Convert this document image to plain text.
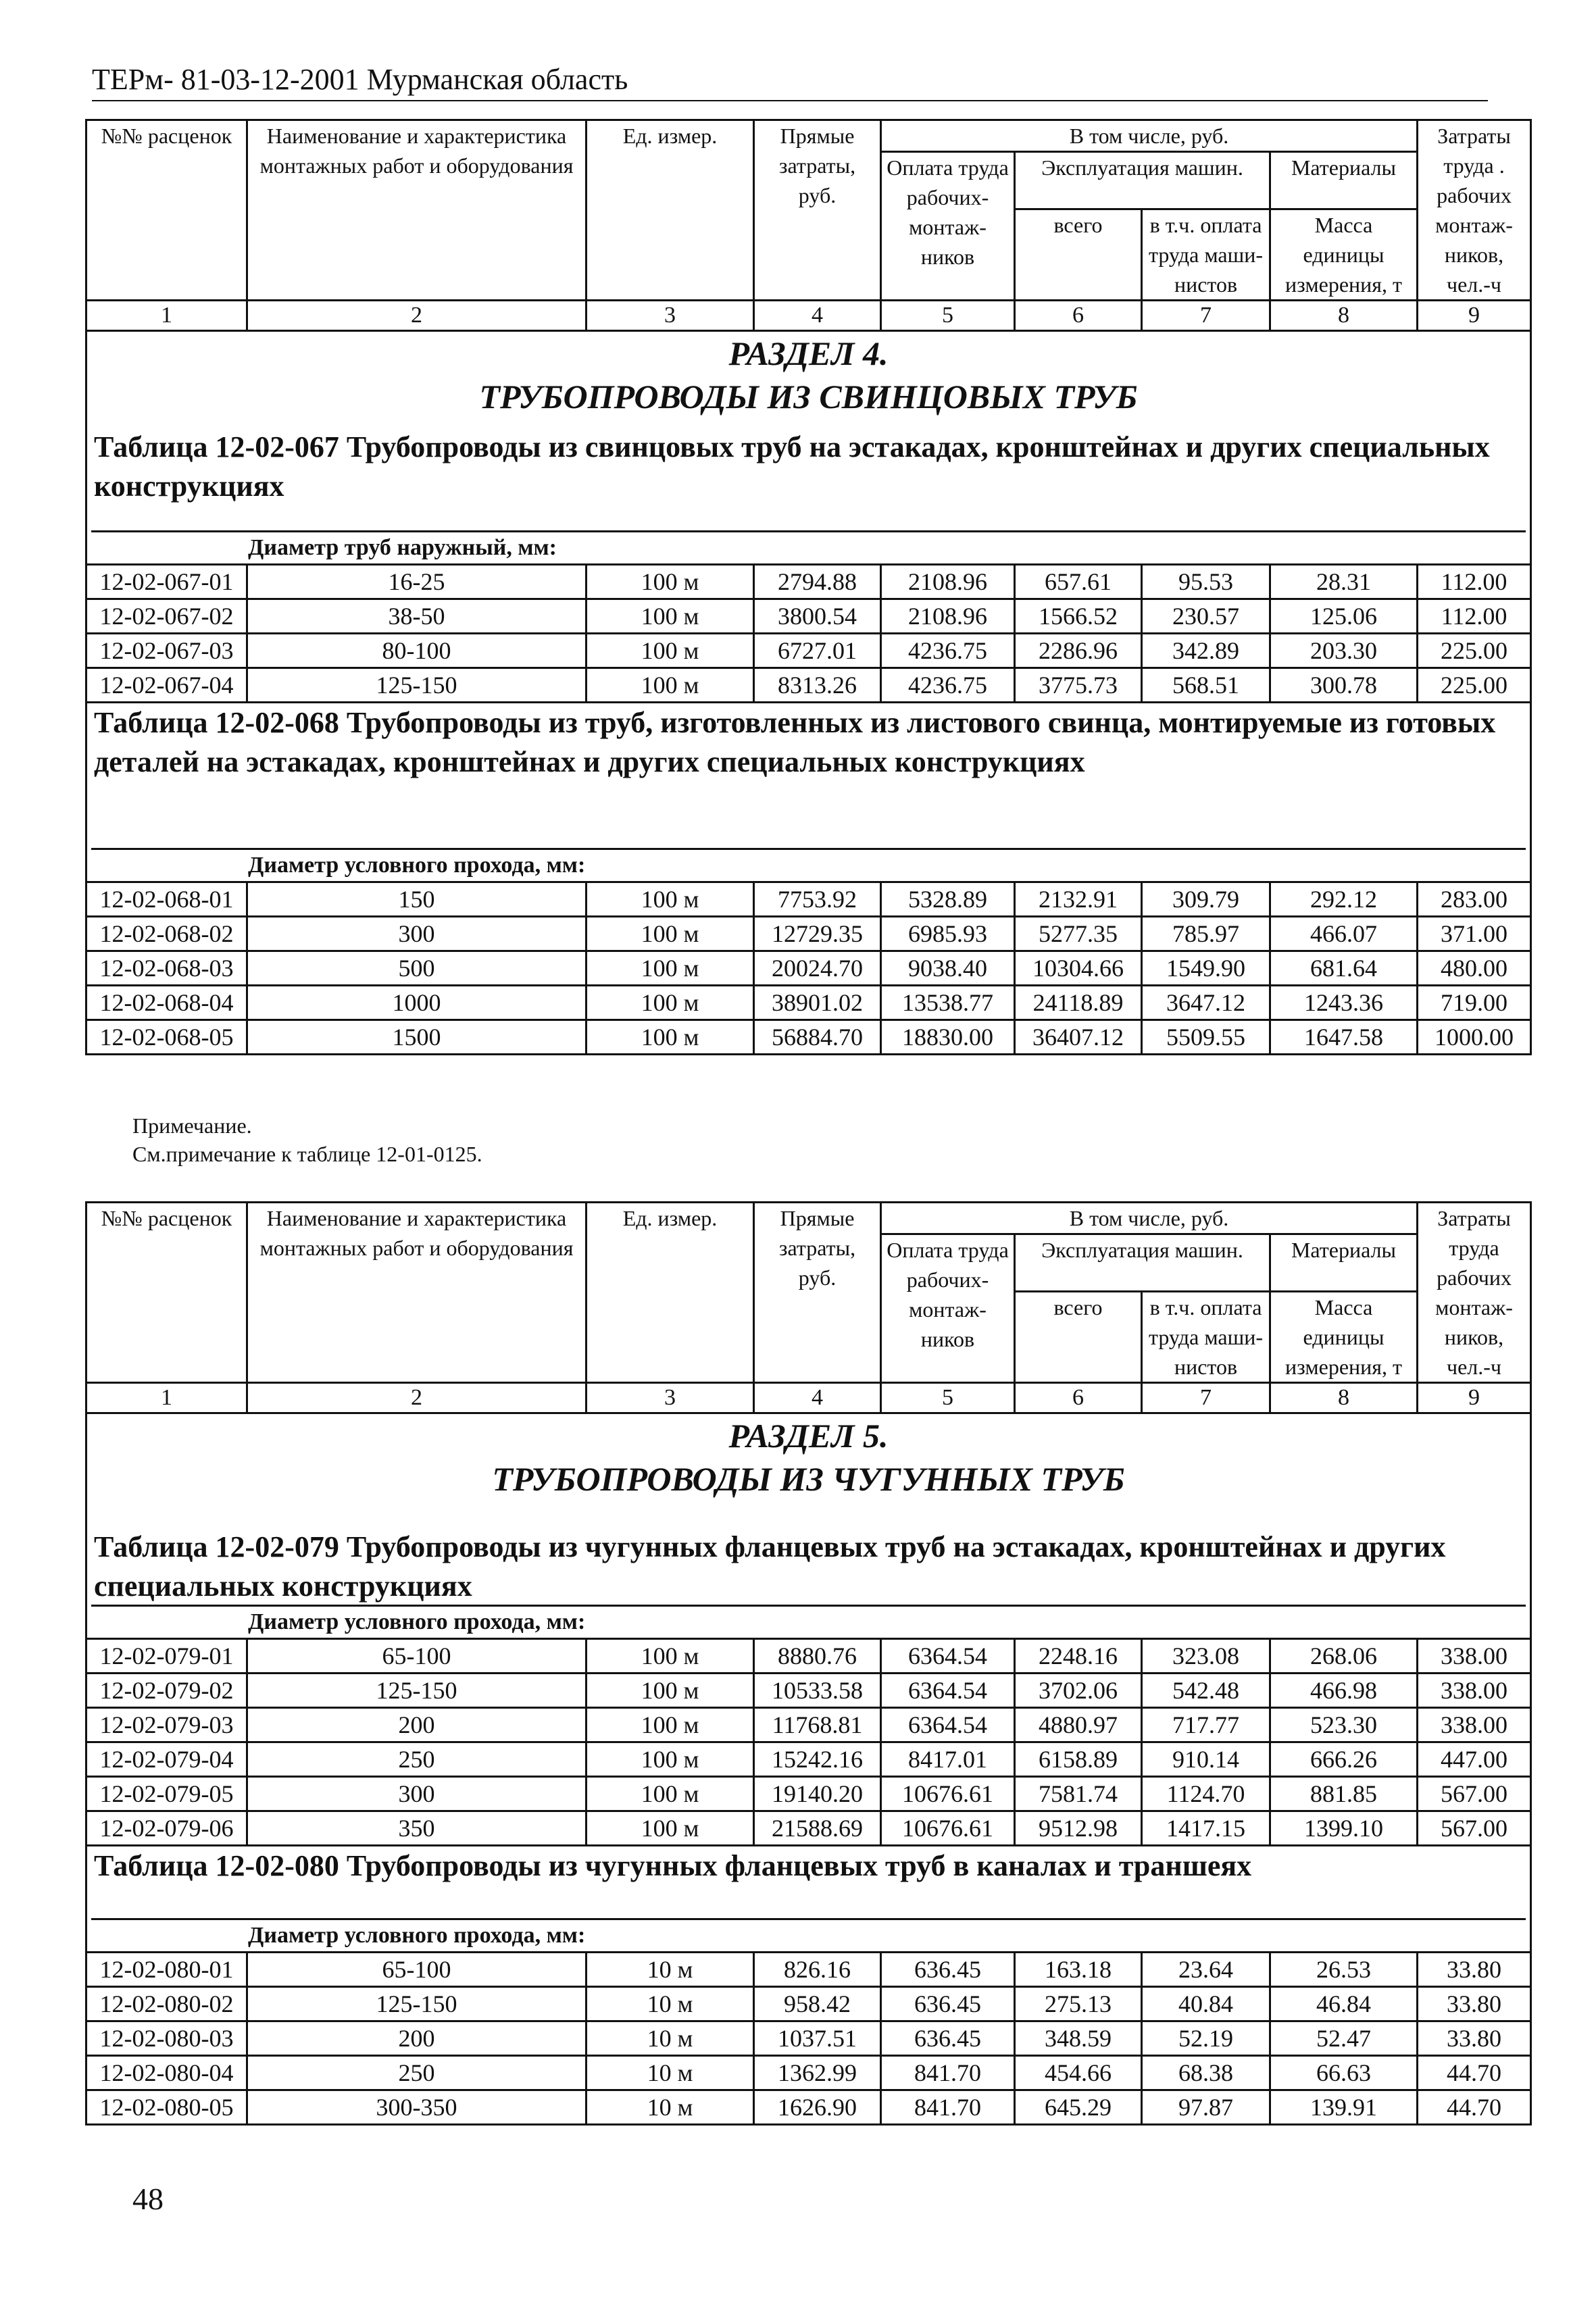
ТЕРм- 81-03-12-2001 Мурманская область
№№ расценок	Наименование и характеристика монтажных работ и оборудования	Ед. измер.	Прямые затраты, руб.	В том числе, руб.				Затраты труда . рабочих монтаж-ников, чел.-ч
				Оплата труда рабочих-монтаж-ников	Эксплуатация машин.		Материалы	
					всего	в т.ч. оплата труда маши-нистов	Масса единицы измерения, т	
1	2	3	4	5	6	7	8	9

РАЗДЕЛ 4.
ТРУБОПРОВОДЫ ИЗ СВИНЦОВЫХ ТРУБ
Таблица 12-02-067 Трубопроводы из свинцовых труб на эстакадах, кронштейнах и других специальных конструкциях
Диаметр труб наружный, мм:								

12-02-067-01	16-25	100 м	2794.88	2108.96	657.61	95.53	28.31	112.00
12-02-067-02	38-50	100 м	3800.54	2108.96	1566.52	230.57	125.06	112.00
12-02-067-03	80-100	100 м	6727.01	4236.75	2286.96	342.89	203.30	225.00
12-02-067-04	125-150	100 м	8313.26	4236.75	3775.73	568.51	300.78	225.00

Таблица 12-02-068 Трубопроводы из труб, изготовленных из листового свинца, монтируемые из готовых деталей на эстакадах, кронштейнах и других специальных конструкциях
Диаметр условного прохода, мм:								

12-02-068-01	150	100 м	7753.92	5328.89	2132.91	309.79	292.12	283.00
12-02-068-02	300	100 м	12729.35	6985.93	5277.35	785.97	466.07	371.00
12-02-068-03	500	100 м	20024.70	9038.40	10304.66	1549.90	681.64	480.00
12-02-068-04	1000	100 м	38901.02	13538.77	24118.89	3647.12	1243.36	719.00
12-02-068-05	1500	100 м	56884.70	18830.00	36407.12	5509.55	1647.58	1000.00
Примечание.
См.примечание к таблице 12-01-0125.
№№ расценок	Наименование и характеристика монтажных работ и оборудования	Ед. измер.	Прямые затраты, руб.	В том числе, руб.				Затраты труда рабочих монтаж-ников, чел.-ч
				Оплата труда рабочих-монтаж-ников	Эксплуатация машин.		Материалы	
					всего	в т.ч. оплата труда маши-нистов	Масса единицы измерения, т	
1	2	3	4	5	6	7	8	9

РАЗДЕЛ 5.
ТРУБОПРОВОДЫ ИЗ ЧУГУННЫХ ТРУБ
Таблица 12-02-079 Трубопроводы из чугунных фланцевых труб на эстакадах, кронштейнах и других специальных конструкциях
Диаметр условного прохода, мм:								

12-02-079-01	65-100	100 м	8880.76	6364.54	2248.16	323.08	268.06	338.00
12-02-079-02	125-150	100 м	10533.58	6364.54	3702.06	542.48	466.98	338.00
12-02-079-03	200	100 м	11768.81	6364.54	4880.97	717.77	523.30	338.00
12-02-079-04	250	100 м	15242.16	8417.01	6158.89	910.14	666.26	447.00
12-02-079-05	300	100 м	19140.20	10676.61	7581.74	1124.70	881.85	567.00
12-02-079-06	350	100 м	21588.69	10676.61	9512.98	1417.15	1399.10	567.00

Таблица 12-02-080 Трубопроводы из чугунных фланцевых труб в каналах и траншеях
Диаметр условного прохода, мм:								

12-02-080-01	65-100	10 м	826.16	636.45	163.18	23.64	26.53	33.80
12-02-080-02	125-150	10 м	958.42	636.45	275.13	40.84	46.84	33.80
12-02-080-03	200	10 м	1037.51	636.45	348.59	52.19	52.47	33.80
12-02-080-04	250	10 м	1362.99	841.70	454.66	68.38	66.63	44.70
12-02-080-05	300-350	10 м	1626.90	841.70	645.29	97.87	139.91	44.70
48
